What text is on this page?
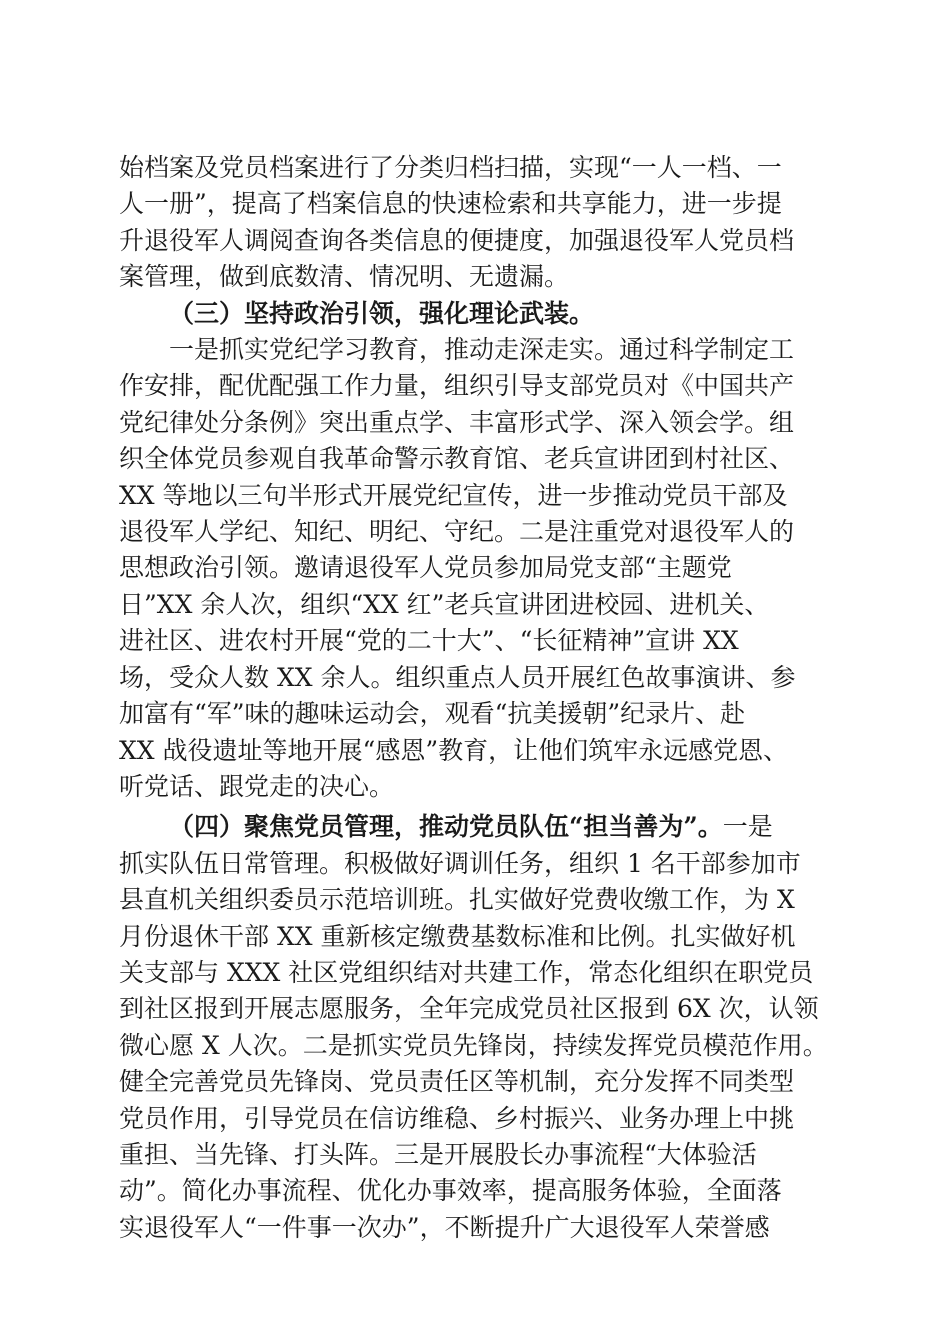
始档案及党员档案进行了分类归档扫描，实现“一人一档、一
人一册”，提高了档案信息的快速检索和共享能力，进一步提
升退役军人调阅查询各类信息的便捷度，加强退役军人党员档
案管理，做到底数清、情况明、无遗漏。

（三）坚持政治引领，强化理论武装。

一是抓实党纪学习教育，推动走深走实。通过科学制定工
作安排，配优配强工作力量，组织引导支部党员对《中国共产
党纪律处分条例》突出重点学、丰富形式学、深入领会学。组
织全体党员参观自我革命警示教育馆、老兵宣讲团到村社区、
XX 等地以三句半形式开展党纪宣传，进一步推动党员干部及
退役军人学纪、知纪、明纪、守纪。二是注重党对退役军人的
思想政治引领。邀请退役军人党员参加局党支部“主题党
日”XX 余人次，组织“XX 红”老兵宣讲团进校园、进机关、
进社区、进农村开展“党的二十大”、“长征精神”宣讲 XX
场，受众人数 XX 余人。组织重点人员开展红色故事演讲、参
加富有“军”味的趣味运动会，观看“抗美援朝”纪录片、赴
XX 战役遗址等地开展“感恩”教育，让他们筑牢永远感党恩、
听党话、跟党走的决心。

（四）聚焦党员管理，推动党员队伍“担当善为”。一是
抓实队伍日常管理。积极做好调训任务，组织 1 名干部参加市
县直机关组织委员示范培训班。扎实做好党费收缴工作，为 X
月份退休干部 XX 重新核定缴费基数标准和比例。扎实做好机
关支部与 XXX 社区党组织结对共建工作，常态化组织在职党员
到社区报到开展志愿服务，全年完成党员社区报到 6X 次，认领
微心愿 X 人次。二是抓实党员先锋岗，持续发挥党员模范作用。
健全完善党员先锋岗、党员责任区等机制，充分发挥不同类型
党员作用，引导党员在信访维稳、乡村振兴、业务办理上中挑
重担、当先锋、打头阵。三是开展股长办事流程“大体验活
动”。简化办事流程、优化办事效率，提高服务体验，全面落
实退役军人“一件事一次办”，不断提升广大退役军人荣誉感
